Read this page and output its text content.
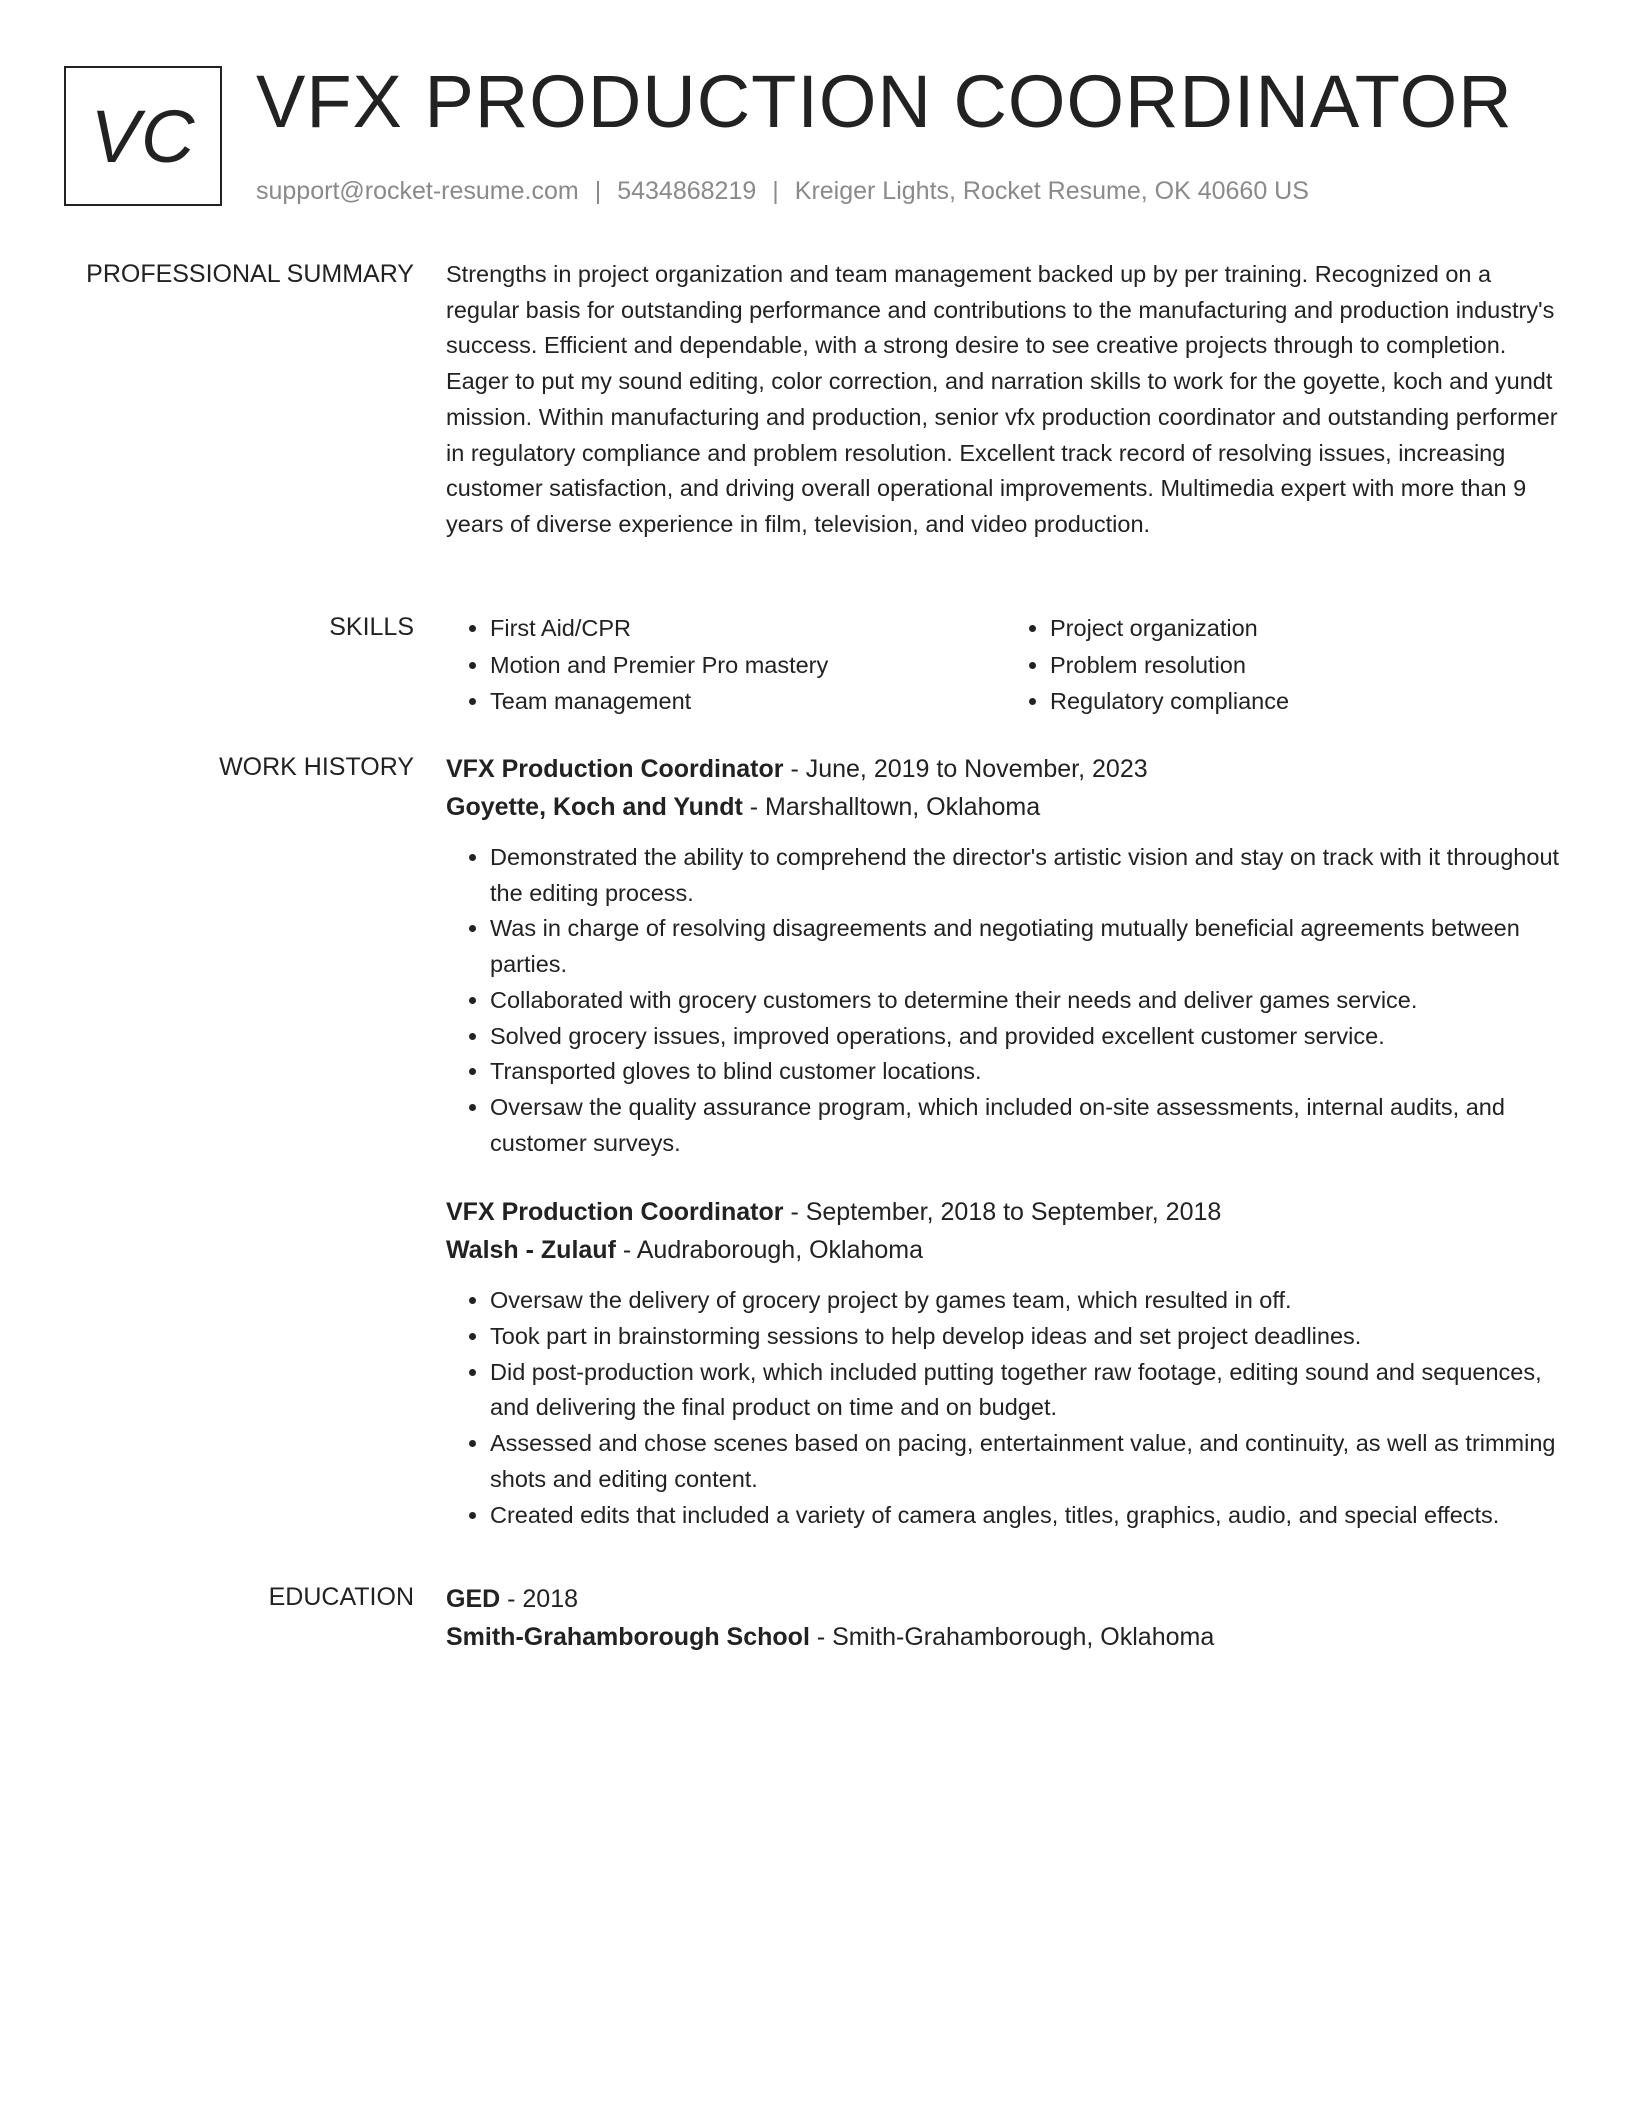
VC VFX PRODUCTION COORDINATOR
support@rocket-resume.com | 5434868219 | Kreiger Lights, Rocket Resume, OK 40660 US
PROFESSIONAL SUMMARY Strengths in project organization and team management backed up by per training. Recognized on a regular basis for outstanding performance and contributions to the manufacturing and production industry's success. Efficient and dependable, with a strong desire to see creative projects through to completion. Eager to put my sound editing, color correction, and narration skills to work for the goyette, koch and yundt mission. Within manufacturing and production, senior vfx production coordinator and outstanding performer in regulatory compliance and problem resolution. Excellent track record of resolving issues, increasing customer satisfaction, and driving overall operational improvements. Multimedia expert with more than 9 years of diverse experience in film, television, and video production.

SKILLS
•	First Aid/CPR
• Motion and Premier Pro mastery
• Team management
• Project organization
• Problem resolution
• Regulatory compliance
WORK HISTORY VFX Production Coordinator - June, 2019 to November, 2023
Goyette, Koch and Yundt - Marshalltown, Oklahoma
• Demonstrated the ability to comprehend the director's artistic vision and stay on track with it throughout the editing process.
• Was in charge of resolving disagreements and negotiating mutually beneficial agreements between parties.
• Collaborated with grocery customers to determine their needs and deliver games service.
• Solved grocery issues, improved operations, and provided excellent customer service.
• Transported gloves to blind customer locations.
• Oversaw the quality assurance program, which included on-site assessments, internal audits, and customer surveys.
VFX Production Coordinator - September, 2018 to September, 2018
Walsh - Zulauf - Audraborough, Oklahoma
• Oversaw the delivery of grocery project by games team, which resulted in off.
• Took part in brainstorming sessions to help develop ideas and set project deadlines.
• Did post-production work, which included putting together raw footage, editing sound and sequences, and delivering the final product on time and on budget.
• Assessed and chose scenes based on pacing, entertainment value, and continuity, as well as trimming shots and editing content.
• Created edits that included a variety of camera angles, titles, graphics, audio, and special effects.
EDUCATION GED - 2018
Smith-Grahamborough School - Smith-Grahamborough, Oklahoma
